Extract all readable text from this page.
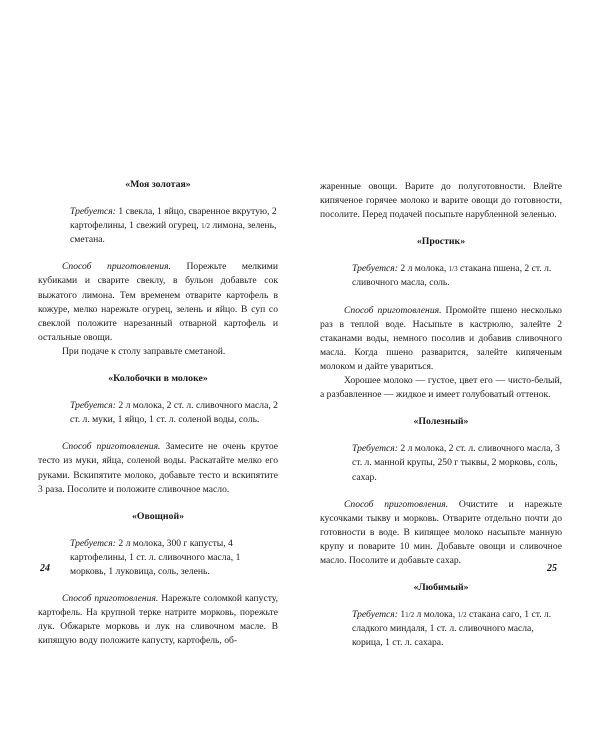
«Моя золотая»

Требуется: 1 свекла, 1 яйцо, сваренное вкрутую, 2 картофелины, 1 свежий огурец, 1/2 лимона, зелень, сметана.

Способ приготовления. Порежьте мелкими кубиками и сварите свеклу, в бульон добавьте сок выжатого лимона. Тем временем отварите картофель в кожуре, мелко нарежьте огурец, зелень и яйцо. В суп со свеклой положите нарезанный отварной картофель и остальные овощи.

При подаче к столу заправьте сметаной.

«Колобочки в молоке»

Требуется: 2 л молока, 2 ст. л. сливочного масла, 2 ст. л. муки, 1 яйцо, 1 ст. л. соленой воды, соль.

Способ приготовления. Замесите не очень крутое тесто из муки, яйца, соленой воды. Раскатайте мелко его руками. Вскипятите молоко, добавьте тесто и вскипятите 3 раза. Посолите и положите сливочное масло.

«Овощной»

Требуется: 2 л молока, 300 г капусты, 4 картофелины, 1 ст. л. сливочного масла, 1 морковь, 1 луковица, соль, зелень.

Способ приготовления. Нарежьте соломкой капусту, картофель. На крупной терке натрите морковь, порежьте лук. Обжарьте морковь и лук на сливочном масле. В кипящую воду положите капусту, картофель, об-

24

жаренные овощи. Варите до полуготовности. Влейте кипяченое горячее молоко и варите овощи до готовности, посолите. Перед подачей посыпьте нарубленной зеленью.

«Простик»

Требуется: 2 л молока, 1/3 стакана пшена, 2 ст. л. сливочного масла, соль.

Способ приготовления. Промойте пшено несколько раз в теплой воде. Насыпьте в кастрюлю, залейте 2 стаканами воды, немного посолив и добавив сливочного масла. Когда пшено разварится, залейте кипяченым молоком и дайте увариться.

Хорошее молоко — густое, цвет его — чисто-белый, а разбавленное — жидкое и имеет голубоватый оттенок.

«Полезный»

Требуется: 2 л молока, 2 ст. л. сливочного масла, 3 ст. л. манной крупы, 250 г тыквы, 2 морковь, соль, сахар.

Способ приготовления. Очистите и нарежьте кусочками тыкву и морковь. Отварите отдельно почти до готовности в воде. В кипящее молоко насыпьте манную крупу и поварите 10 мин. Добавьте овощи и сливочное масло. Посолите и добавьте сахар.

«Любимый»

Требуется: 11/2 л молока, 1/2 стакана саго, 1 ст. л. сладкого миндаля, 1 ст. л. сливочного масла, корица, 1 ст. л. сахара.

25
